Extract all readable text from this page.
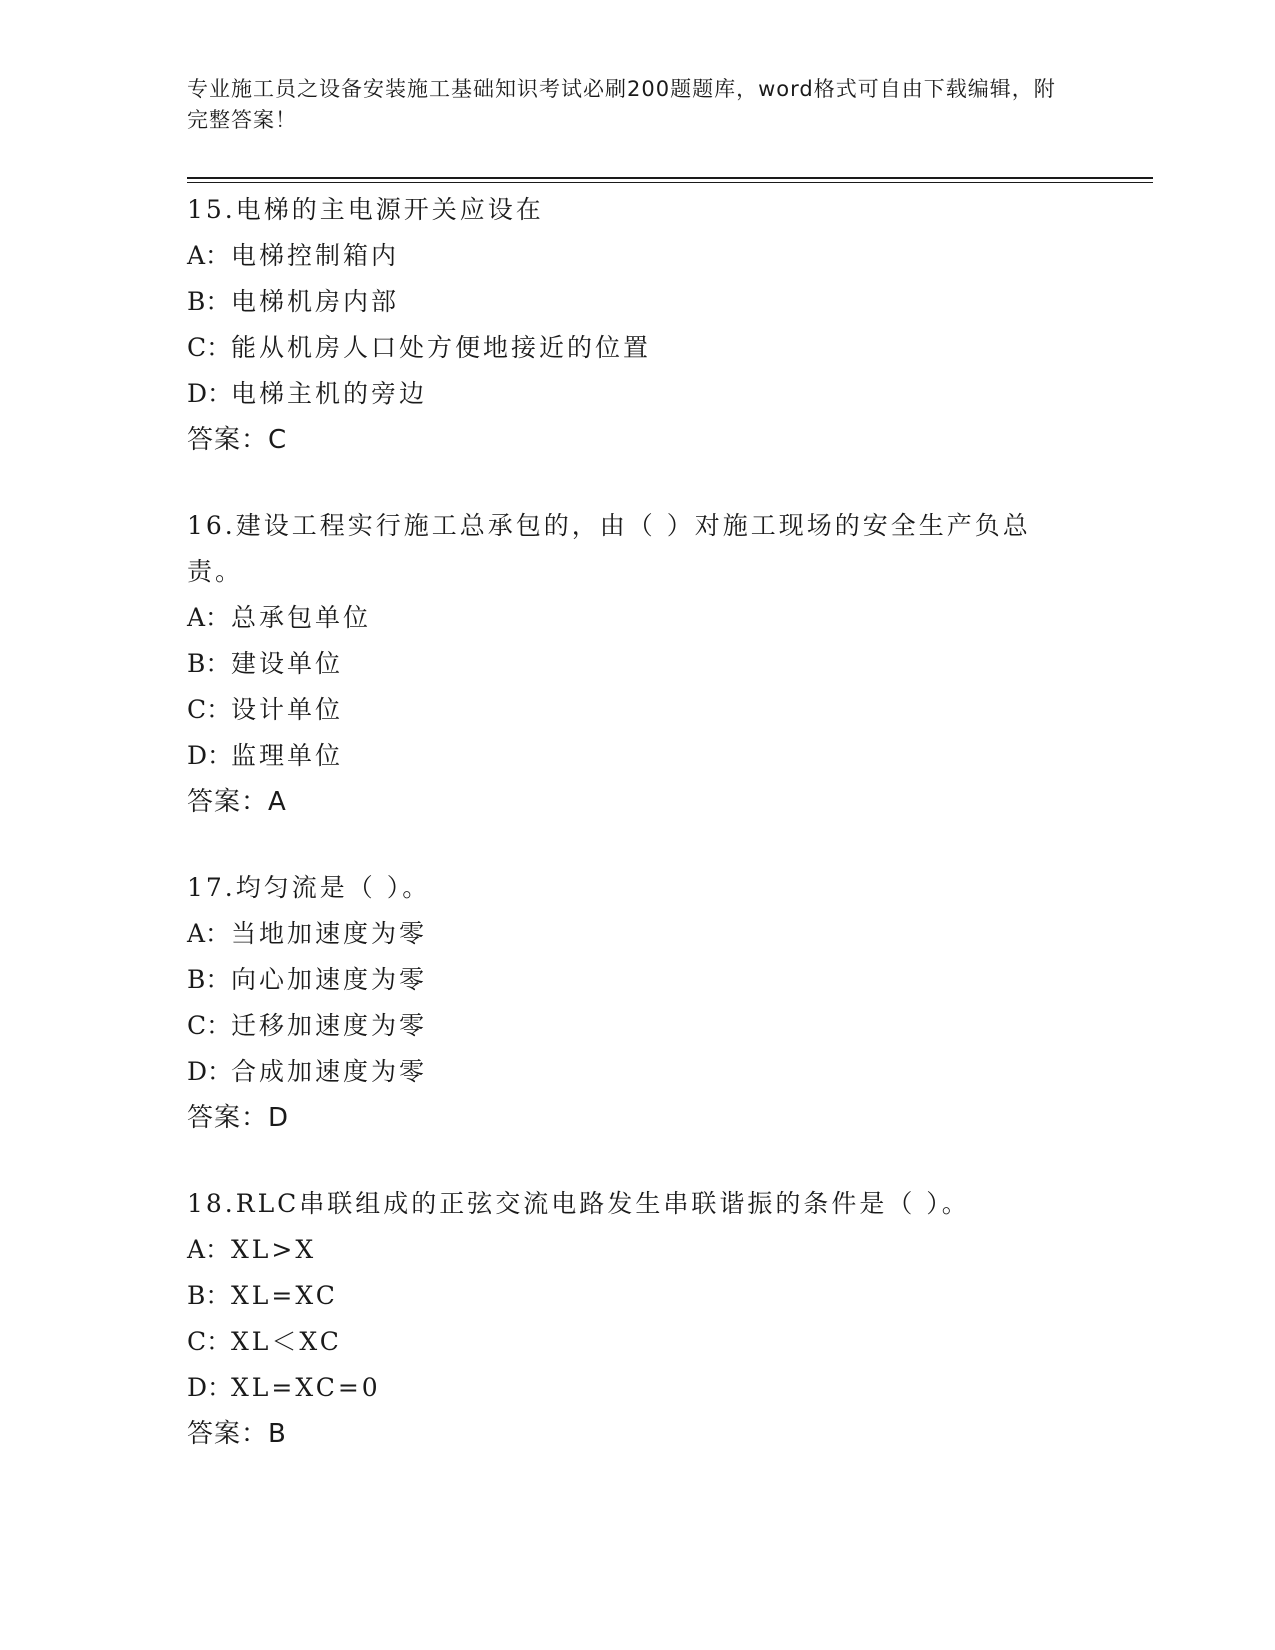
专业施工员之设备安装施工基础知识考试必刷200题题库，word格式可自由下载编辑，附完整答案！
15.电梯的主电源开关应设在
A：电梯控制箱内
B：电梯机房内部
C：能从机房人口处方便地接近的位置
D：电梯主机的旁边
答案：C
16.建设工程实行施工总承包的，由（ ）对施工现场的安全生产负总责。
A：总承包单位
B：建设单位
C：设计单位
D：监理单位
答案：A
17.均匀流是（ ）。
A：当地加速度为零
B：向心加速度为零
C：迁移加速度为零
D：合成加速度为零
答案：D
18.RLC串联组成的正弦交流电路发生串联谐振的条件是（ ）。
A：XL>X
B：XL=XC
C：XL＜XC
D：XL=XC=0
答案：B
